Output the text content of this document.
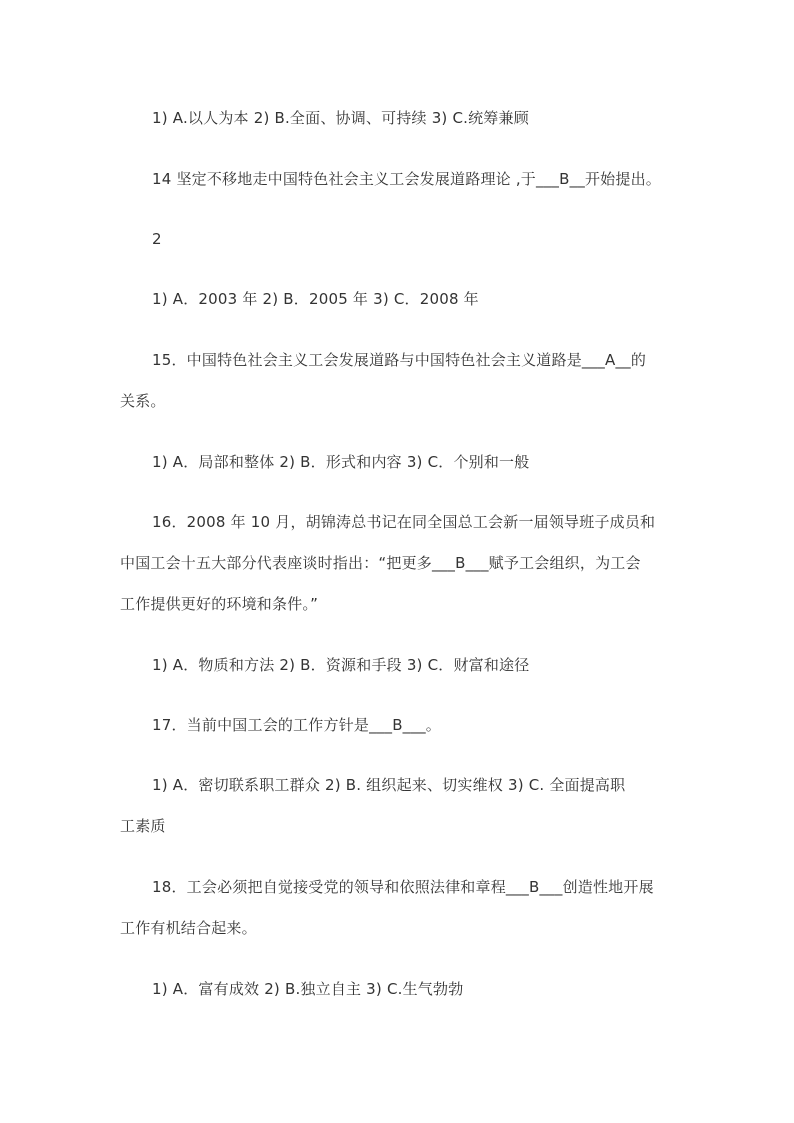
1) A.以人为本 2) B.全面、协调、可持续 3) C.统筹兼顾
14 坚定不移地走中国特色社会主义工会发展道路理论 ,于___B__开始提出。
2
1) A．2003 年 2) B．2005 年 3) C．2008 年
15．中国特色社会主义工会发展道路与中国特色社会主义道路是___A__的
关系。
1) A．局部和整体 2) B．形式和内容 3) C．个别和一般
16．2008 年 10 月，胡锦涛总书记在同全国总工会新一届领导班子成员和
中国工会十五大部分代表座谈时指出：“把更多___B___赋予工会组织，为工会
工作提供更好的环境和条件。”
1) A．物质和方法 2) B．资源和手段 3) C．财富和途径
17．当前中国工会的工作方针是___B___。
1) A．密切联系职工群众 2) B. 组织起来、切实维权 3) C. 全面提高职
工素质
18．工会必须把自觉接受党的领导和依照法律和章程___B___创造性地开展
工作有机结合起来。
1) A．富有成效 2) B.独立自主 3) C.生气勃勃
